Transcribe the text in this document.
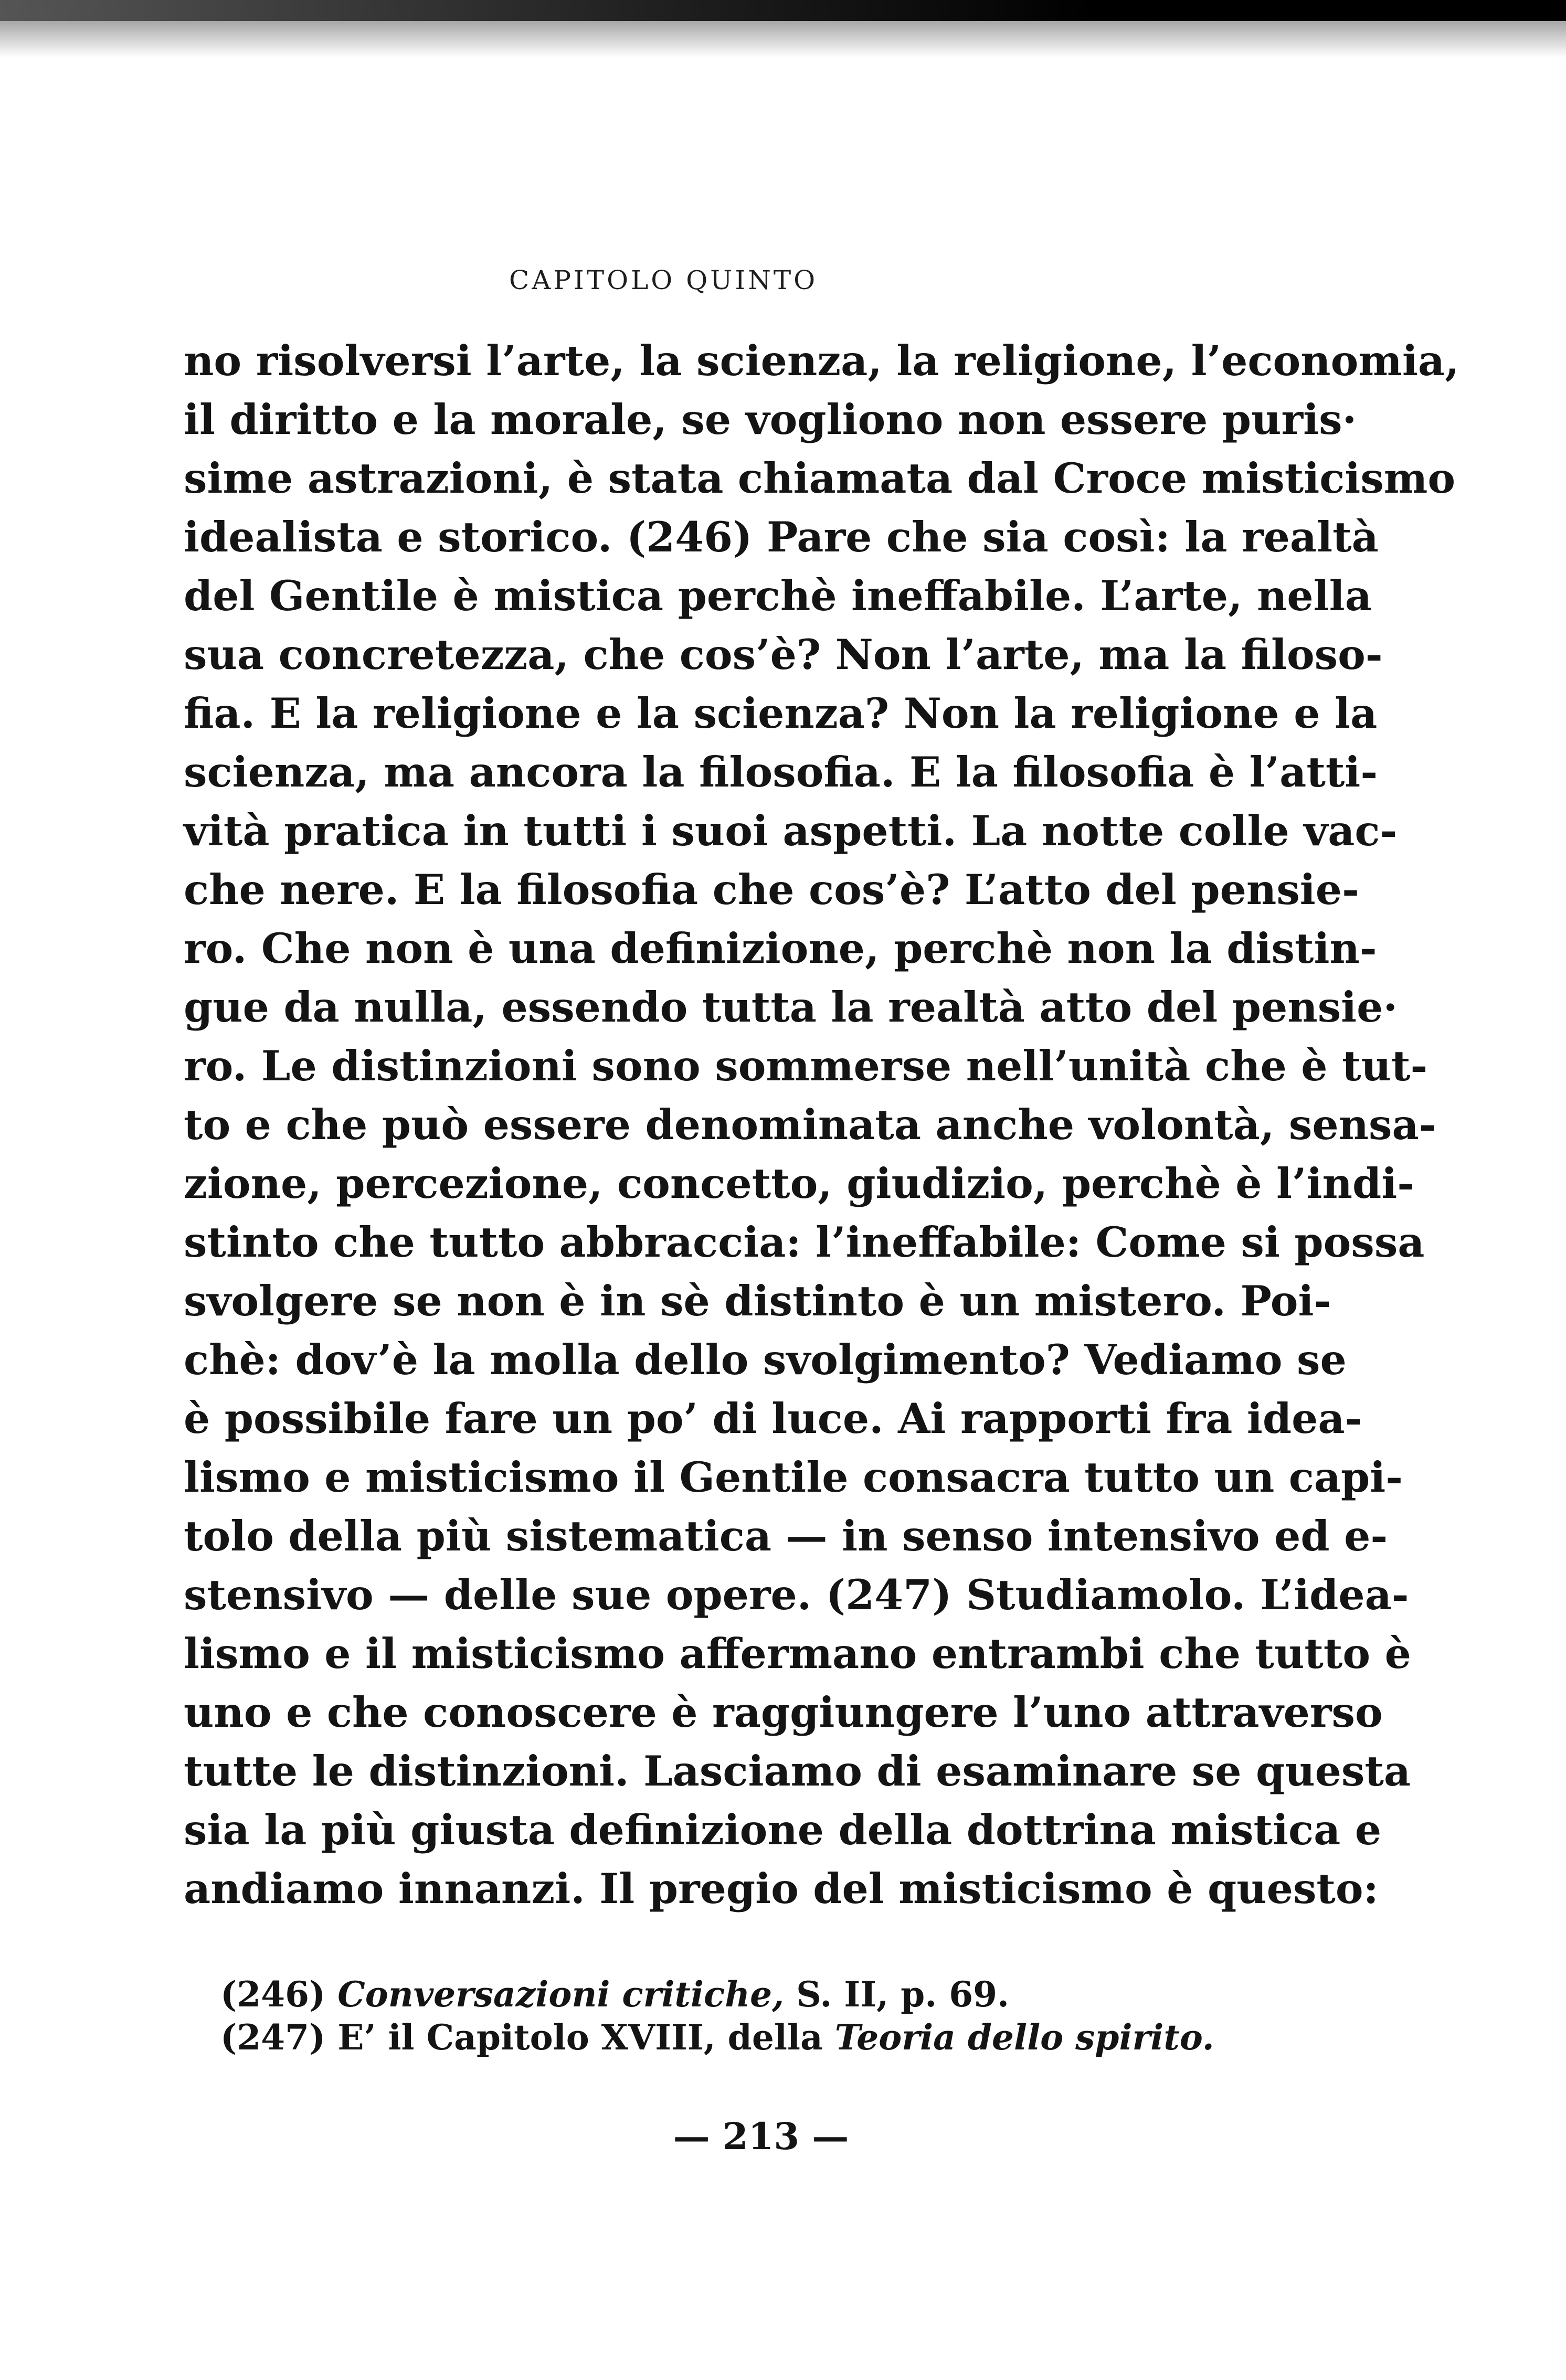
CAPITOLO QUINTO
no risolversi l’arte, la scienza, la religione, l’economia,
il diritto e la morale, se vogliono non essere puris·
sime astrazioni, è stata chiamata dal Croce misticismo
idealista e storico. (246) Pare che sia così: la realtà
del Gentile è mistica perchè ineffabile. L’arte, nella
sua concretezza, che cos’è? Non l’arte, ma la filoso-
fia. E la religione e la scienza? Non la religione e la
scienza, ma ancora la filosofia. E la filosofia è l’atti-
vità pratica in tutti i suoi aspetti. La notte colle vac-
che nere. E la filosofia che cos’è? L’atto del pensie-
ro. Che non è una definizione, perchè non la distin-
gue da nulla, essendo tutta la realtà atto del pensie·
ro. Le distinzioni sono sommerse nell’unità che è tut-
to e che può essere denominata anche volontà, sensa-
zione, percezione, concetto, giudizio, perchè è l’indi-
stinto che tutto abbraccia: l’ineffabile: Come si possa
svolgere se non è in sè distinto è un mistero. Poi-
chè: dov’è la molla dello svolgimento? Vediamo se
è possibile fare un po’ di luce. Ai rapporti fra idea-
lismo e misticismo il Gentile consacra tutto un capi-
tolo della più sistematica — in senso intensivo ed e-
stensivo — delle sue opere. (247) Studiamolo. L’idea-
lismo e il misticismo affermano entrambi che tutto è
uno e che conoscere è raggiungere l’uno attraverso
tutte le distinzioni. Lasciamo di esaminare se questa
sia la più giusta definizione della dottrina mistica e
andiamo innanzi. Il pregio del misticismo è questo:
(246) Conversazioni critiche, S. II, p. 69.
(247) E’ il Capitolo XVIII, della Teoria dello spirito.
— 213 —
